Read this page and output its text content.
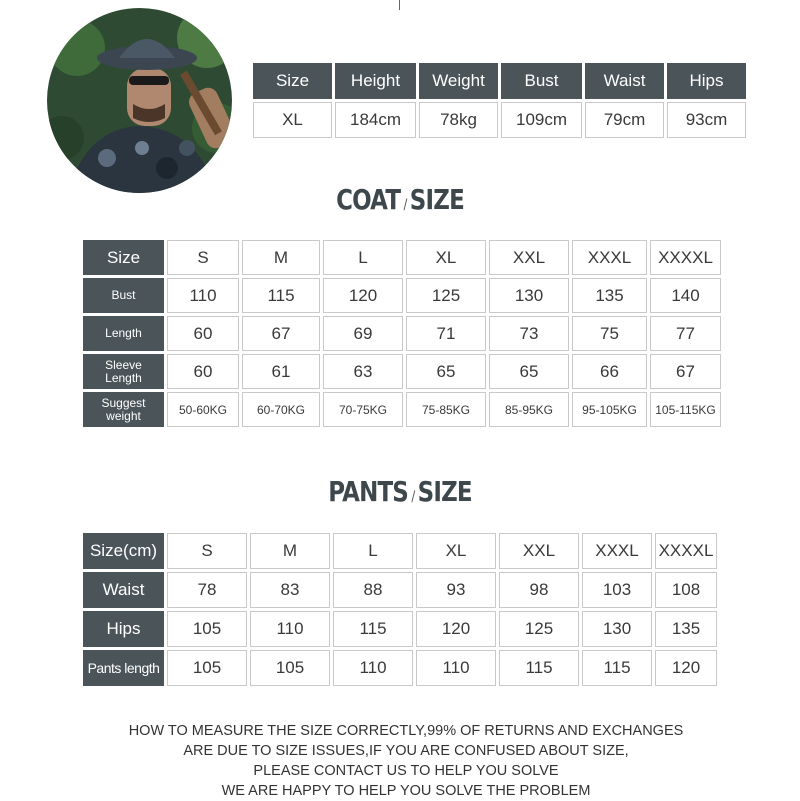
Size	Height	Weight	Bust	Waist	Hips
XL	184cm	78kg	109cm	79cm	93cm
COAT / SIZE
Size	S	M	L	XL	XXL	XXXL	XXXXL
Bust	110	115	120	125	130	135	140
Length	60	67	69	71	73	75	77

Sleeve
Length	60	61	63	65	65	66	67

Suggest
weight	50-60KG	60-70KG	70-75KG	75-85KG	85-95KG	95-105KG	105-115KG
PANTS / SIZE
Size(cm)	S	M	L	XL	XXL	XXXL	XXXXL
Waist	78	83	88	93	98	103	108
Hips	105	110	115	120	125	130	135
Pants length	105	105	110	110	115	115	120
HOW TO MEASURE THE SIZE CORRECTLY,99% OF RETURNS AND EXCHANGES
ARE DUE TO SIZE ISSUES,IF YOU ARE CONFUSED ABOUT SIZE,
PLEASE CONTACT US TO HELP YOU SOLVE
WE ARE HAPPY TO HELP YOU SOLVE THE PROBLEM
